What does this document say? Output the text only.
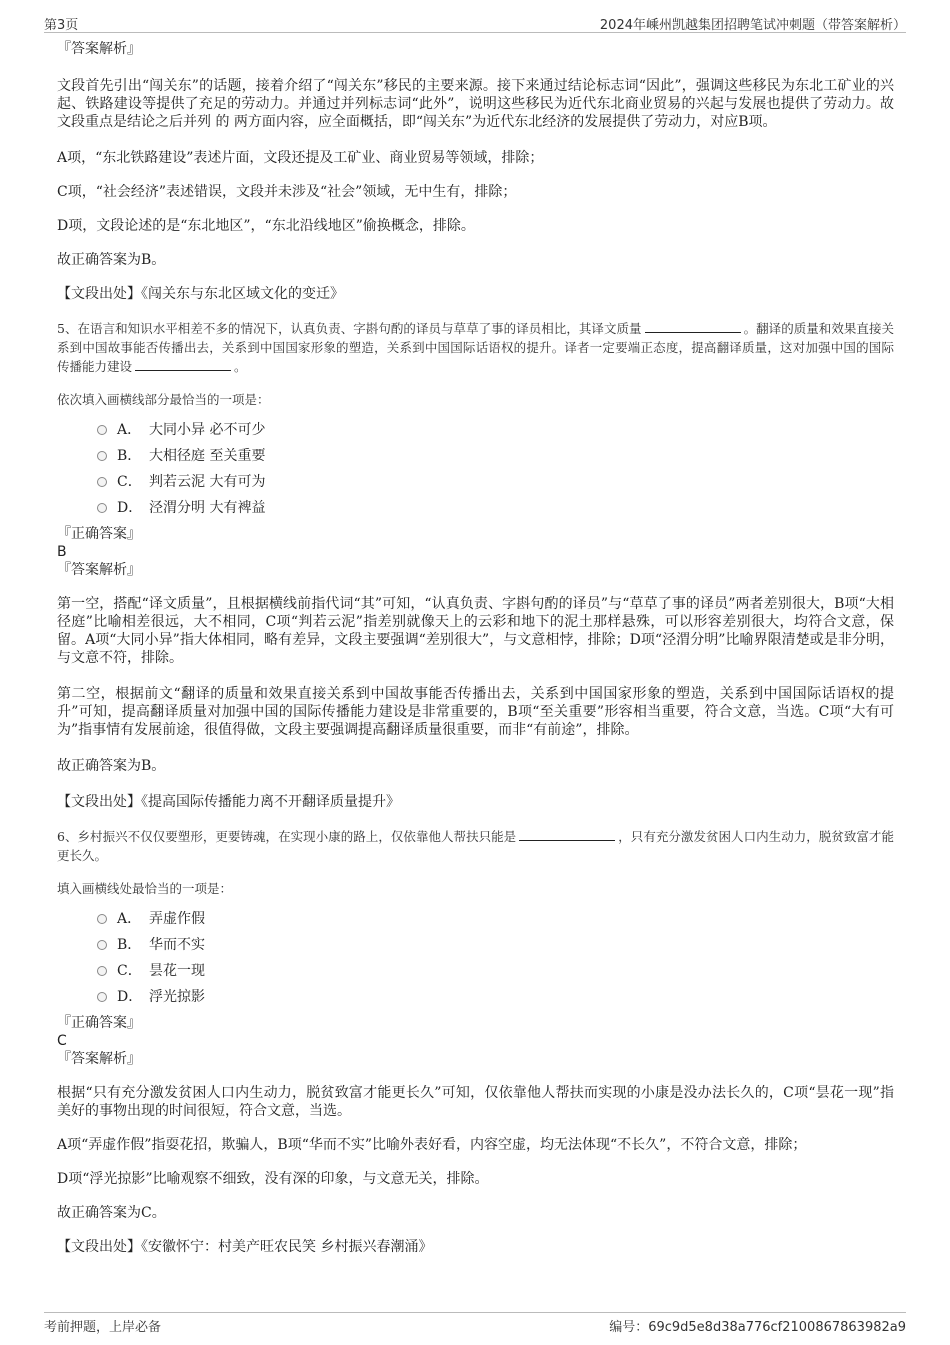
第3页	2024年嵊州凯越集团招聘笔试冲刺题（带答案解析）

『答案解析』

文段首先引出“闯关东”的话题，接着介绍了“闯关东”移民的主要来源。接下来通过结论标志词“因此”，强调这些移民为东北工矿业的兴起、铁路建设等提供了充足的劳动力。并通过并列标志词“此外”，说明这些移民为近代东北商业贸易的兴起与发展也提供了劳动力。故文段重点是结论之后并列 的 两方面内容，应全面概括，即“闯关东”为近代东北经济的发展提供了劳动力，对应B项。

A项，“东北铁路建设”表述片面，文段还提及工矿业、商业贸易等领域，排除；

C项，“社会经济”表述错误，文段并未涉及“社会”领域，无中生有，排除；

D项，文段论述的是“东北地区”，“东北沿线地区”偷换概念，排除。

故正确答案为B。

【文段出处】《闯关东与东北区域文化的变迁》

5、在语言和知识水平相差不多的情况下，认真负责、字斟句酌的译员与草草了事的译员相比，其译文质量	。翻译的质量和效果直接关系到中国故事能否传播出去，关系到中国国家形象的塑造，关系到中国国际话语权的提升。译者一定要端正态度，提高翻译质量，这对加强中国的国际传播能力建设	。

依次填入画横线部分最恰当的一项是：

A． 大同小异 必不可少
B． 大相径庭 至关重要
C． 判若云泥 大有可为
D． 泾渭分明 大有裨益

『正确答案』

B

『答案解析』

第一空，搭配“译文质量”，且根据横线前指代词“其”可知，“认真负责、字斟句酌的译员”与“草草了事的译员”两者差别很大，B项“大相径庭”比喻相差很远，大不相同，C项“判若云泥”指差别就像天上的云彩和地下的泥土那样悬殊，可以形容差别很大，均符合文意，保留。A项“大同小异”指大体相同，略有差异，文段主要强调“差别很大”，与文意相悖，排除；D项“泾渭分明”比喻界限清楚或是非分明，与文意不符，排除。

第二空，根据前文“翻译的质量和效果直接关系到中国故事能否传播出去，关系到中国国家形象的塑造，关系到中国国际话语权的提升”可知，提高翻译质量对加强中国的国际传播能力建设是非常重要的，B项“至关重要”形容相当重要，符合文意，当选。C项“大有可为”指事情有发展前途，很值得做，文段主要强调提高翻译质量很重要，而非“有前途”，排除。

故正确答案为B。

【文段出处】《提高国际传播能力离不开翻译质量提升》

6、乡村振兴不仅仅要塑形，更要铸魂，在实现小康的路上，仅依靠他人帮扶只能是	，只有充分激发贫困人口内生动力，脱贫致富才能更长久。

填入画横线处最恰当的一项是：

A． 弄虚作假
B． 华而不实
C． 昙花一现
D． 浮光掠影

『正确答案』

C

『答案解析』

根据“只有充分激发贫困人口内生动力，脱贫致富才能更长久”可知，仅依靠他人帮扶而实现的小康是没办法长久的，C项“昙花一现”指美好的事物出现的时间很短，符合文意，当选。

A项“弄虚作假”指耍花招，欺骗人，B项“华而不实”比喻外表好看，内容空虚，均无法体现“不长久”，不符合文意，排除；

D项“浮光掠影”比喻观察不细致，没有深的印象，与文意无关，排除。

故正确答案为C。

【文段出处】《安徽怀宁：村美产旺农民笑 乡村振兴春潮涌》

考前押题，上岸必备	编号：69c9d5e8d38a776cf2100867863982a9
